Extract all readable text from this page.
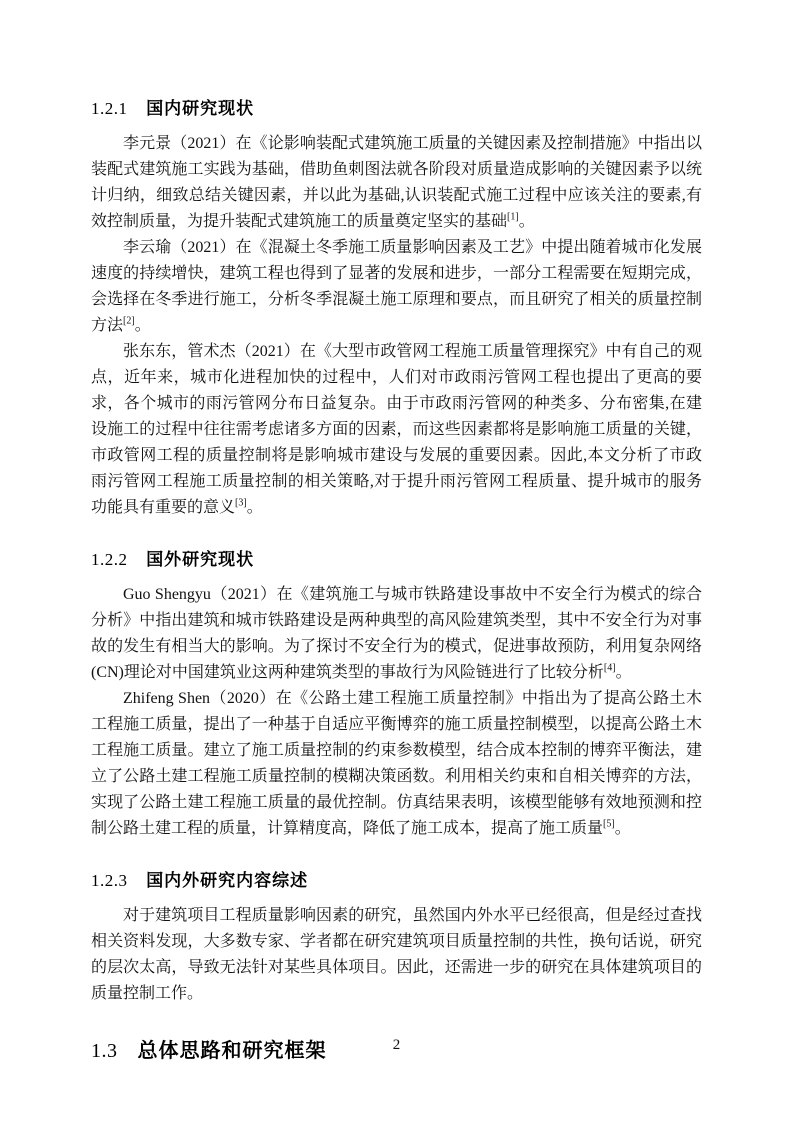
1.2.1 国内研究现状

李元景（2021）在《论影响装配式建筑施工质量的关键因素及控制措施》中指出以装配式建筑施工实践为基础，借助鱼刺图法就各阶段对质量造成影响的关键因素予以统计归纳，细致总结关键因素，并以此为基础,认识装配式施工过程中应该关注的要素,有效控制质量，为提升装配式建筑施工的质量奠定坚实的基础[1]。

李云瑜（2021）在《混凝土冬季施工质量影响因素及工艺》中提出随着城市化发展速度的持续增快，建筑工程也得到了显著的发展和进步，一部分工程需要在短期完成，会选择在冬季进行施工，分析冬季混凝土施工原理和要点，而且研究了相关的质量控制方法[2]。

张东东，管术杰（2021）在《大型市政管网工程施工质量管理探究》中有自己的观点，近年来，城市化进程加快的过程中，人们对市政雨污管网工程也提出了更高的要求，各个城市的雨污管网分布日益复杂。由于市政雨污管网的种类多、分布密集,在建设施工的过程中往往需考虑诸多方面的因素，而这些因素都将是影响施工质量的关键，市政管网工程的质量控制将是影响城市建设与发展的重要因素。因此,本文分析了市政雨污管网工程施工质量控制的相关策略,对于提升雨污管网工程质量、提升城市的服务功能具有重要的意义[3]。

1.2.2 国外研究现状

Guo Shengyu（2021）在《建筑施工与城市铁路建设事故中不安全行为模式的综合分析》中指出建筑和城市铁路建设是两种典型的高风险建筑类型，其中不安全行为对事故的发生有相当大的影响。为了探讨不安全行为的模式，促进事故预防，利用复杂网络(CN)理论对中国建筑业这两种建筑类型的事故行为风险链进行了比较分析[4]。

Zhifeng Shen（2020）在《公路土建工程施工质量控制》中指出为了提高公路土木工程施工质量，提出了一种基于自适应平衡博弈的施工质量控制模型，以提高公路土木工程施工质量。建立了施工质量控制的约束参数模型，结合成本控制的博弈平衡法，建立了公路土建工程施工质量控制的模糊决策函数。利用相关约束和自相关博弈的方法，实现了公路土建工程施工质量的最优控制。仿真结果表明，该模型能够有效地预测和控制公路土建工程的质量，计算精度高，降低了施工成本，提高了施工质量[5]。

1.2.3 国内外研究内容综述

对于建筑项目工程质量影响因素的研究，虽然国内外水平已经很高，但是经过查找相关资料发现，大多数专家、学者都在研究建筑项目质量控制的共性，换句话说，研究的层次太高，导致无法针对某些具体项目。因此，还需进一步的研究在具体建筑项目的质量控制工作。

1.3 总体思路和研究框架	2
